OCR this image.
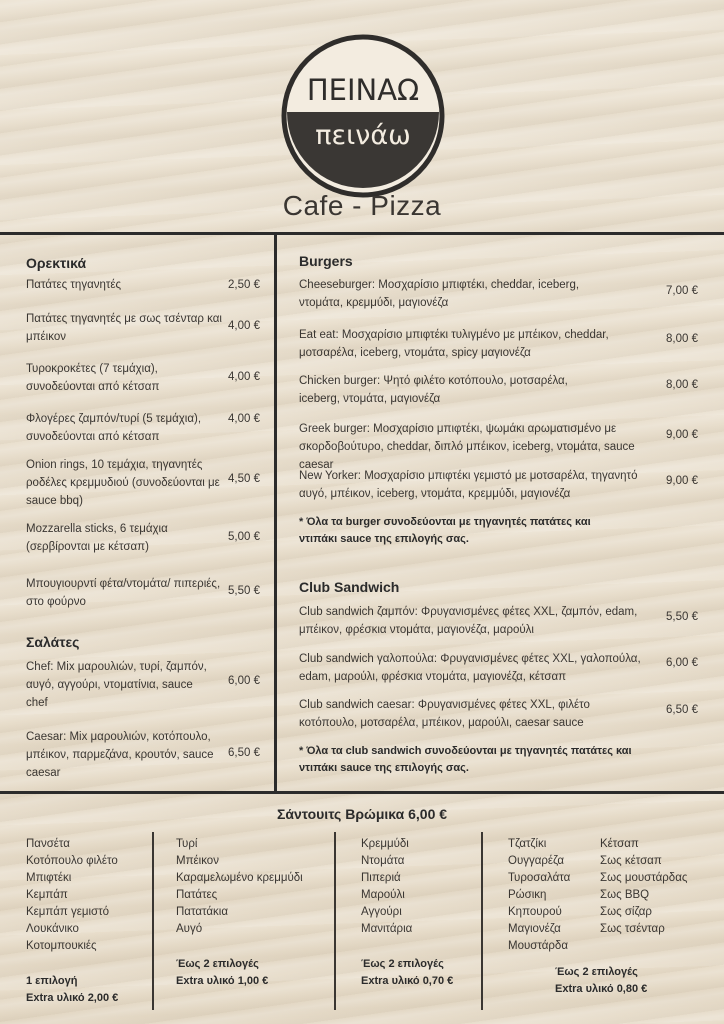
ΠΕΙΝΑΩ
πεινάω
Cafe - Pizza
Ορεκτικά
Πατάτες τηγανητές	2,50 €
Πατάτες τηγανητές με σως τσένταρ και μπέικον
4,00 €
Τυροκροκέτες (7 τεμάχια), συνοδεύονται από κέτσαπ
4,00 €
Φλογέρες ζαμπόν/τυρί (5 τεμάχια), συνοδεύονται από κέτσαπ
4,00 €
Onion rings, 10 τεμάχια, τηγανητές ροδέλες κρεμμυδιού (συνοδεύονται με sauce bbq)
4,50 €
Mozzarella sticks, 6 τεμάχια (σερβίρονται με κέτσαπ)
5,00 €
Μπουγιουρντί φέτα/ντομάτα/ πιπεριές, στο φούρνο
5,50 €
Σαλάτες
Chef: Mix μαρουλιών, τυρί, ζαμπόν, αυγό, αγγούρι, ντοματίνια, sauce chef
6,00 €
Caesar: Mix μαρουλιών, κοτόπουλο, μπέικον, παρμεζάνα, κρουτόν, sauce caesar
6,50 €
Burgers
Cheeseburger: Μοσχαρίσιο μπιφτέκι, cheddar, iceberg, ντομάτα, κρεμμύδι, μαγιονέζα
7,00 €
Eat eat: Μοσχαρίσιο μπιφτέκι τυλιγμένο με μπέικον, cheddar, μοτσαρέλα, iceberg, ντομάτα, spicy μαγιονέζα
8,00 €
Chicken burger: Ψητό φιλέτο κοτόπουλο, μοτσαρέλα, iceberg, ντομάτα, μαγιονέζα
8,00 €
Greek burger: Μοσχαρίσιο μπιφτέκι, ψωμάκι αρωματισμένο με σκορδοβούτυρο, cheddar, διπλό μπέικον, iceberg, ντομάτα, sauce caesar
9,00 €
New Yorker: Μοσχαρίσιο μπιφτέκι γεμιστό με μοτσαρέλα, τηγανητό αυγό, μπέικον, iceberg, ντομάτα, κρεμμύδι, μαγιονέζα
9,00 €
* Όλα τα burger συνοδεύονται με τηγανητές πατάτες και ντιπάκι sauce της επιλογής σας.
Club Sandwich
Club sandwich ζαμπόν: Φρυγανισμένες φέτες XXL, ζαμπόν, edam, μπέικον, φρέσκια ντομάτα, μαγιονέζα, μαρούλι
5,50 €
Club sandwich γαλοπούλα: Φρυγανισμένες φέτες XXL, γαλοπούλα, edam, μαρούλι, φρέσκια ντομάτα, μαγιονέζα, κέτσαπ
6,00 €
Club sandwich caesar: Φρυγανισμένες φέτες XXL, φιλέτο κοτόπουλο, μοτσαρέλα, μπέικον, μαρούλι, caesar sauce
6,50 €
* Όλα τα club sandwich συνοδεύονται με τηγανητές πατάτες και ντιπάκι sauce της επιλογής σας.
Σάντουιτς Βρώμικα 6,00 €
Πανσέτα
Κοτόπουλο φιλέτο
Μπιφτέκι
Κεμπάπ
Κεμπάπ γεμιστό
Λουκάνικο
Κοτομπουκιές
1 επιλογή
Extra υλικό 2,00 €
Τυρί
Μπέικον
Καραμελωμένο κρεμμύδι
Πατάτες
Πατατάκια
Αυγό
Έως 2 επιλογές
Extra υλικό 1,00 €
Κρεμμύδι
Ντομάτα
Πιπεριά
Μαρούλι
Αγγούρι
Μανιτάρια
Έως 2 επιλογές
Extra υλικό 0,70 €
Τζατζίκι
Ουγγαρέζα
Τυροσαλάτα
Ρώσικη
Κηπουρού
Μαγιονέζα
Μουστάρδα
Κέτσαπ
Σως κέτσαπ
Σως μουστάρδας
Σως BBQ
Σως σίζαρ
Σως τσένταρ
Έως 2 επιλογές
Extra υλικό 0,80 €
